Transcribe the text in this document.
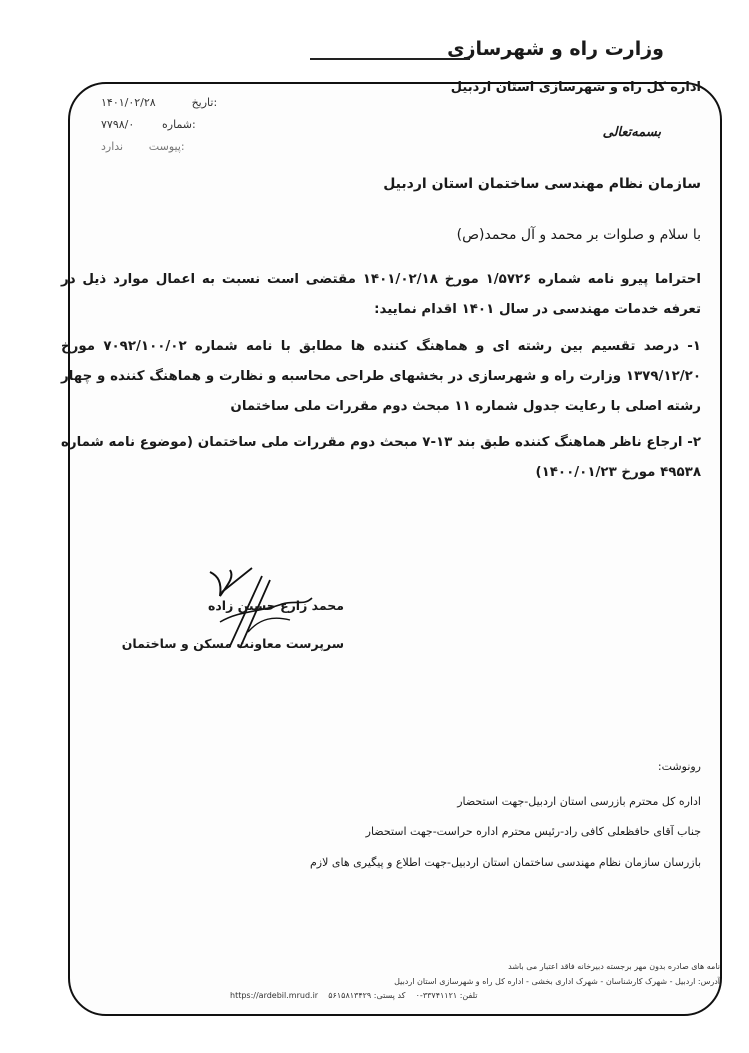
وزارت راه و شهرسازی
اداره کل راه و شهرسازی استان اردبیل
۱۴۰۱/۰۲/۲۸	تاریخ:
۷۷۹۸/۰	شماره:
ندارد پیوست:
بسمه‌تعالی
سازمان نظام مهندسی ساختمان استان اردبیل
با سلام و صلوات بر محمد و آل محمد(ص)
احتراما پیرو نامه شماره ۱/۵۷۲۶ مورخ ۱۴۰۱/۰۲/۱۸ مقتضی است نسبت به اعمال موارد ذیل در تعرفه خدمات مهندسی در سال ۱۴۰۱ اقدام نمایید:
۱- درصد تقسیم بین رشته ای و هماهنگ کننده ها مطابق با نامه شماره ۷۰۹۲/۱۰۰/۰۲ مورخ ۱۳۷۹/۱۲/۲۰ وزارت راه و شهرسازی در بخشهای طراحی محاسبه و نظارت و هماهنگ کننده و چهار رشته اصلی با رعایت جدول شماره ۱۱ مبحث دوم مقررات ملی ساختمان
۲- ارجاع ناظر هماهنگ کننده طبق بند ۱۳-۷ مبحث دوم مقررات ملی ساختمان (موضوع نامه شماره ۴۹۵۳۸ مورخ ۱۴۰۰/۰۱/۲۳)
محمد زارع حسین زاده
سرپرست معاونت مسکن و ساختمان
رونوشت:
اداره کل محترم بازرسی استان اردبیل-جهت استحضار
جناب آقای حافظعلی کافی راد-رئیس محترم اداره حراست-جهت استحضار
بازرسان سازمان نظام مهندسی ساختمان استان اردبیل-جهت اطلاع و پیگیری های لازم
نامه های صادره بدون مهر برجسته دبیرخانه فاقد اعتبار می باشد
آدرس: اردبیل - شهرک کارشناسان - شهرک اداری بخشی - اداره کل راه و شهرسازی استان اردبیل
https://ardebil.mrud.ir	تلفن: ۳۳۷۴۱۱۲۱-۰    کد پستی: ۵۶۱۵۸۱۳۴۲۹
